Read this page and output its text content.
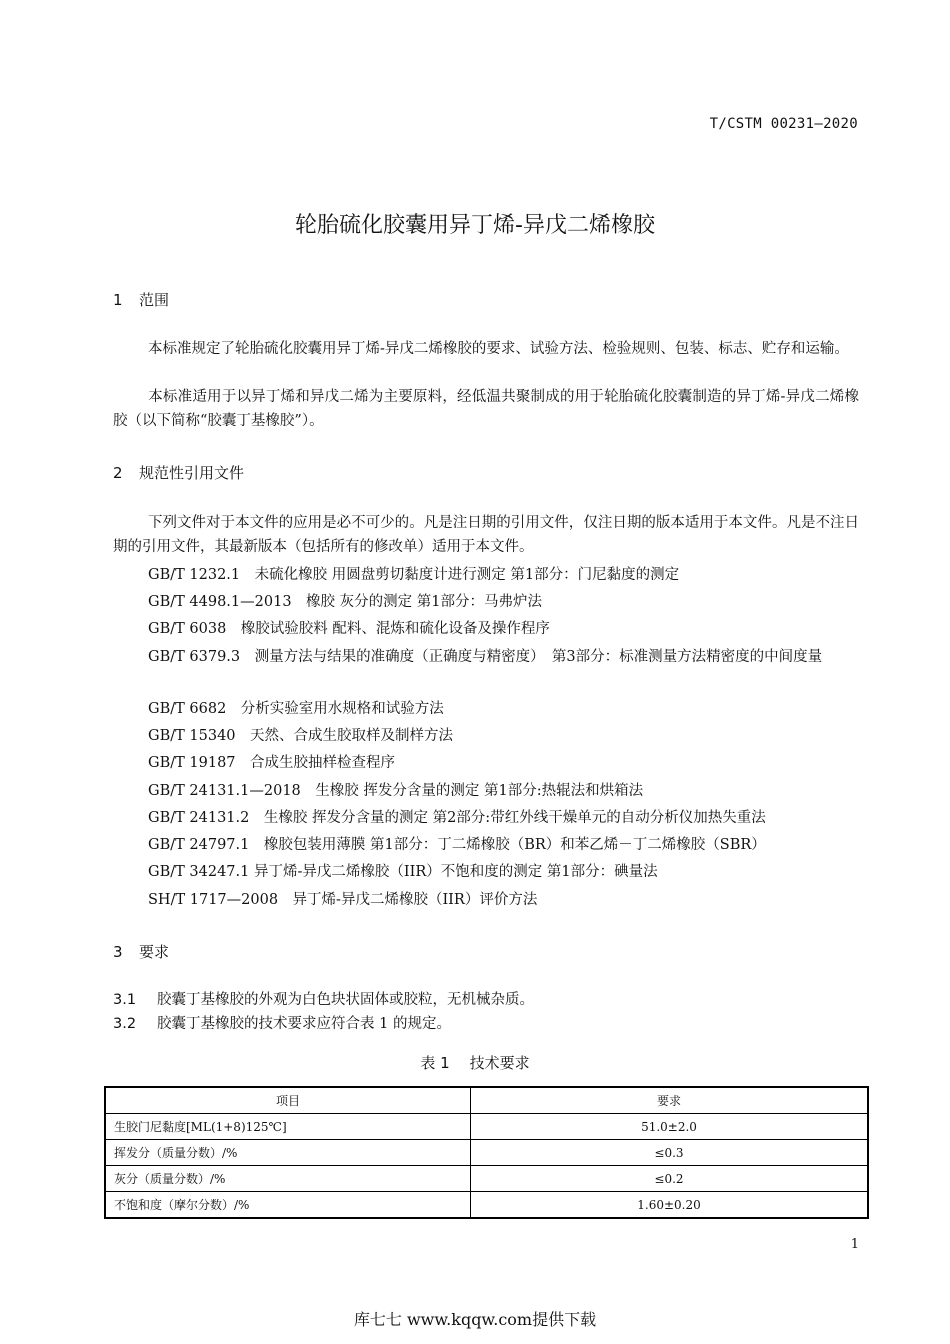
T/CSTM 00231—2020
轮胎硫化胶囊用异丁烯-异戊二烯橡胶
1 范围
本标准规定了轮胎硫化胶囊用异丁烯-异戊二烯橡胶的要求、试验方法、检验规则、包装、标志、贮存和运输。
本标准适用于以异丁烯和异戊二烯为主要原料，经低温共聚制成的用于轮胎硫化胶囊制造的异丁烯-异戊二烯橡胶（以下简称“胶囊丁基橡胶”）。
2 规范性引用文件
下列文件对于本文件的应用是必不可少的。凡是注日期的引用文件，仅注日期的版本适用于本文件。凡是不注日期的引用文件，其最新版本（包括所有的修改单）适用于本文件。
GB/T 1232.1　未硫化橡胶 用圆盘剪切黏度计进行测定 第1部分：门尼黏度的测定
GB/T 4498.1—2013　橡胶 灰分的测定 第1部分：马弗炉法
GB/T 6038　橡胶试验胶料 配料、混炼和硫化设备及操作程序
GB/T 6379.3　测量方法与结果的准确度（正确度与精密度）　第3部分：标准测量方法精密度的中间度量
GB/T 6682　分析实验室用水规格和试验方法
GB/T 15340　天然、合成生胶取样及制样方法
GB/T 19187　合成生胶抽样检查程序
GB/T 24131.1—2018　生橡胶 挥发分含量的测定 第1部分:热辊法和烘箱法
GB/T 24131.2　生橡胶 挥发分含量的测定 第2部分:带红外线干燥单元的自动分析仪加热失重法
GB/T 24797.1　橡胶包装用薄膜 第1部分：丁二烯橡胶（BR）和苯乙烯－丁二烯橡胶（SBR）
GB/T 34247.1 异丁烯-异戊二烯橡胶（IIR）不饱和度的测定 第1部分：碘量法
SH/T 1717—2008　异丁烯-异戊二烯橡胶（IIR）评价方法
3 要求
3.1 胶囊丁基橡胶的外观为白色块状固体或胶粒，无机械杂质。
3.2 胶囊丁基橡胶的技术要求应符合表 1 的规定。
表 1 技术要求
项目	要求
生胶门尼黏度[ML(1+8)125℃]	51.0±2.0
挥发分（质量分数）/%	≤0.3
灰分（质量分数）/%	≤0.2
不饱和度（摩尔分数）/%	1.60±0.20
1
库七七 www.kqqw.com提供下载
